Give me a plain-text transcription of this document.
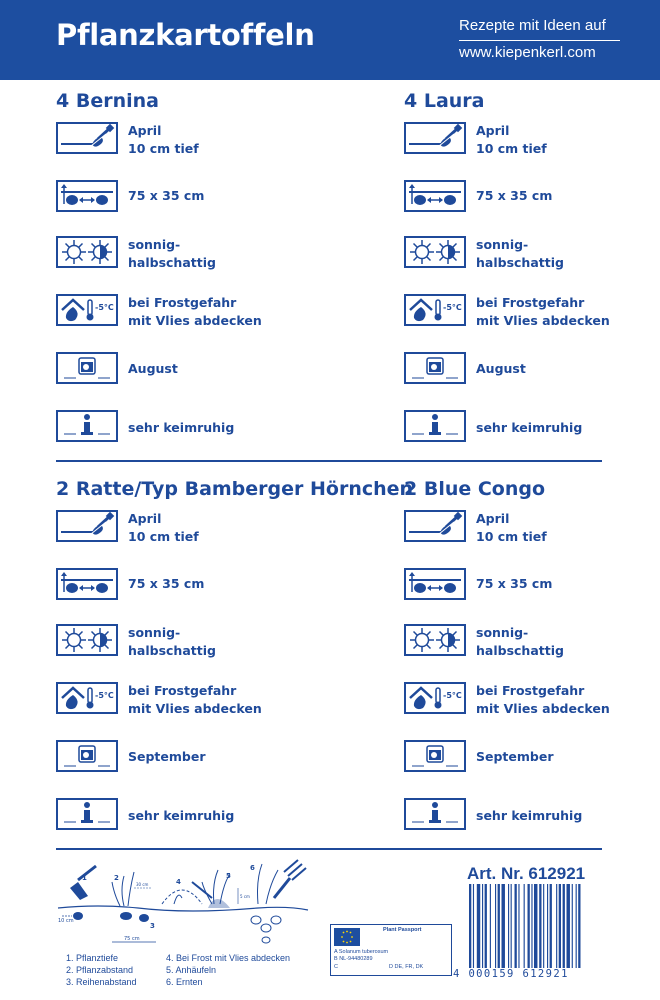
Pflanzkartoffeln	Rezepte mit Ideen auf
www.kiepenkerl.com
4 Bernina
April
10 cm tief
75 x 35 cm
sonnig-
halbschattig
-5°C bei Frostgefahr
mit Vlies abdecken
August
sehr keimruhig
4 Laura
April
10 cm tief
75 x 35 cm
sonnig-
halbschattig
-5°C bei Frostgefahr
mit Vlies abdecken
August
sehr keimruhig
2 Ratte/Typ Bamberger Hörnchen
April
10 cm tief
75 x 35 cm
sonnig-
halbschattig
-5°C bei Frostgefahr
mit Vlies abdecken
September
sehr keimruhig
2 Blue Congo
April
10 cm tief
75 x 35 cm
sonnig-
halbschattig
-5°C bei Frostgefahr
mit Vlies abdecken
September
sehr keimruhig
10 cm
75 cm
30 cm
5 cm
1	2
3
4
5
6
1. Pflanztiefe
2. Pflanzabstand
3. Reihenabstand
4. Bei Frost mit Vlies abdecken
5. Anhäufeln
6. Ernten
Plant Passport
A Solanum tuberosum
B NL-94480289
C	D DE, FR, DK
Art. Nr. 612921
4 000159 612921
